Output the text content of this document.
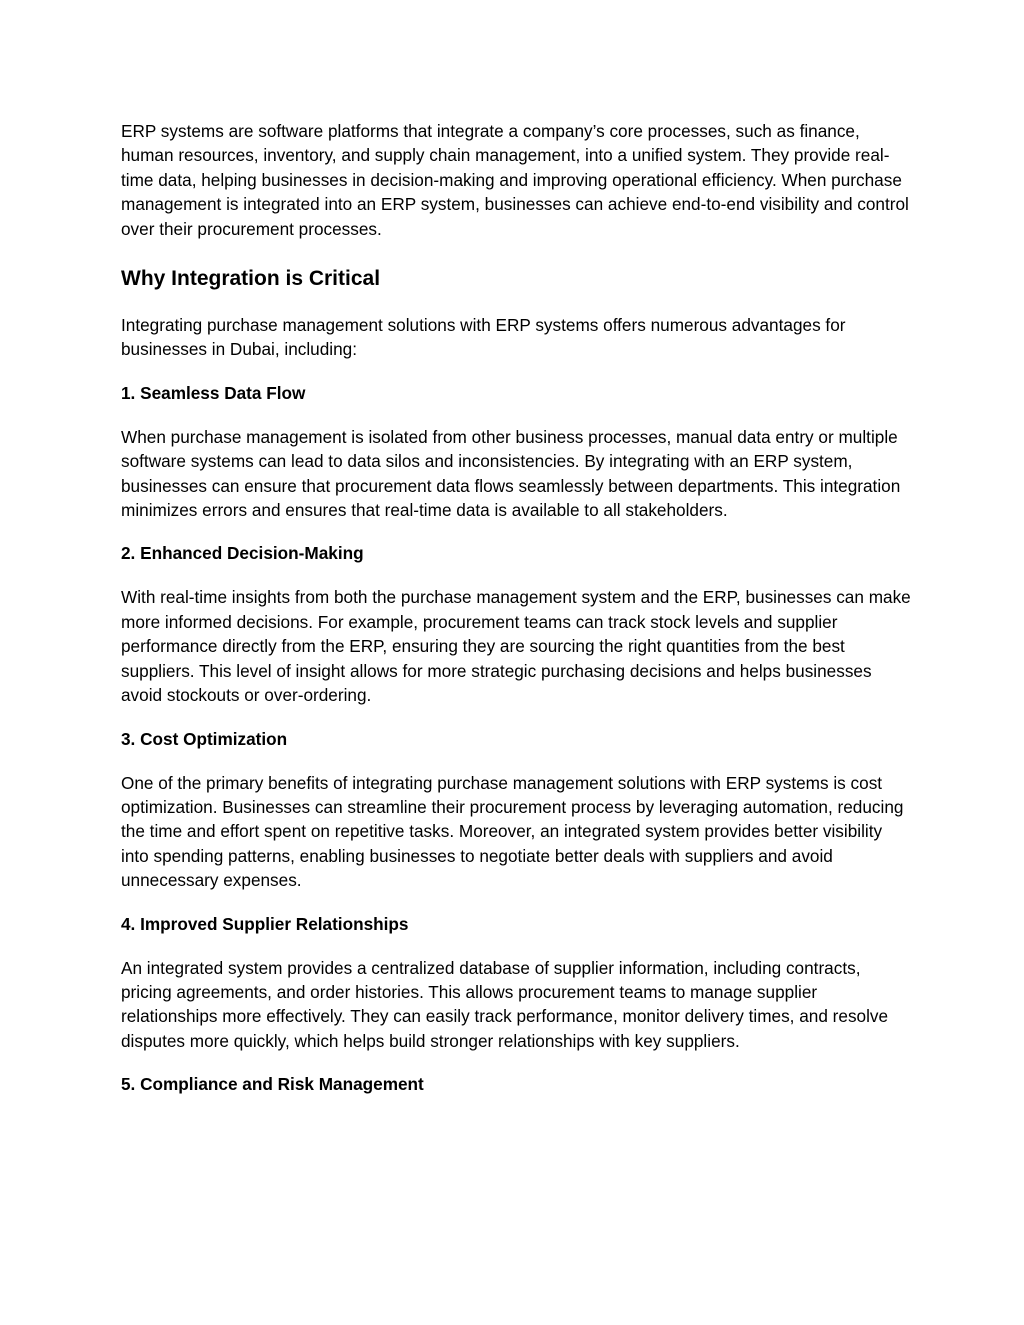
ERP systems are software platforms that integrate a company’s core processes, such as finance, human resources, inventory, and supply chain management, into a unified system. They provide real-time data, helping businesses in decision-making and improving operational efficiency. When purchase management is integrated into an ERP system, businesses can achieve end-to-end visibility and control over their procurement processes.

Why Integration is Critical

Integrating purchase management solutions with ERP systems offers numerous advantages for businesses in Dubai, including:

1. Seamless Data Flow

When purchase management is isolated from other business processes, manual data entry or multiple software systems can lead to data silos and inconsistencies. By integrating with an ERP system, businesses can ensure that procurement data flows seamlessly between departments. This integration minimizes errors and ensures that real-time data is available to all stakeholders.

2. Enhanced Decision-Making

With real-time insights from both the purchase management system and the ERP, businesses can make more informed decisions. For example, procurement teams can track stock levels and supplier performance directly from the ERP, ensuring they are sourcing the right quantities from the best suppliers. This level of insight allows for more strategic purchasing decisions and helps businesses avoid stockouts or over-ordering.

3. Cost Optimization

One of the primary benefits of integrating purchase management solutions with ERP systems is cost optimization. Businesses can streamline their procurement process by leveraging automation, reducing the time and effort spent on repetitive tasks. Moreover, an integrated system provides better visibility into spending patterns, enabling businesses to negotiate better deals with suppliers and avoid unnecessary expenses.

4. Improved Supplier Relationships

An integrated system provides a centralized database of supplier information, including contracts, pricing agreements, and order histories. This allows procurement teams to manage supplier relationships more effectively. They can easily track performance, monitor delivery times, and resolve disputes more quickly, which helps build stronger relationships with key suppliers.

5. Compliance and Risk Management
